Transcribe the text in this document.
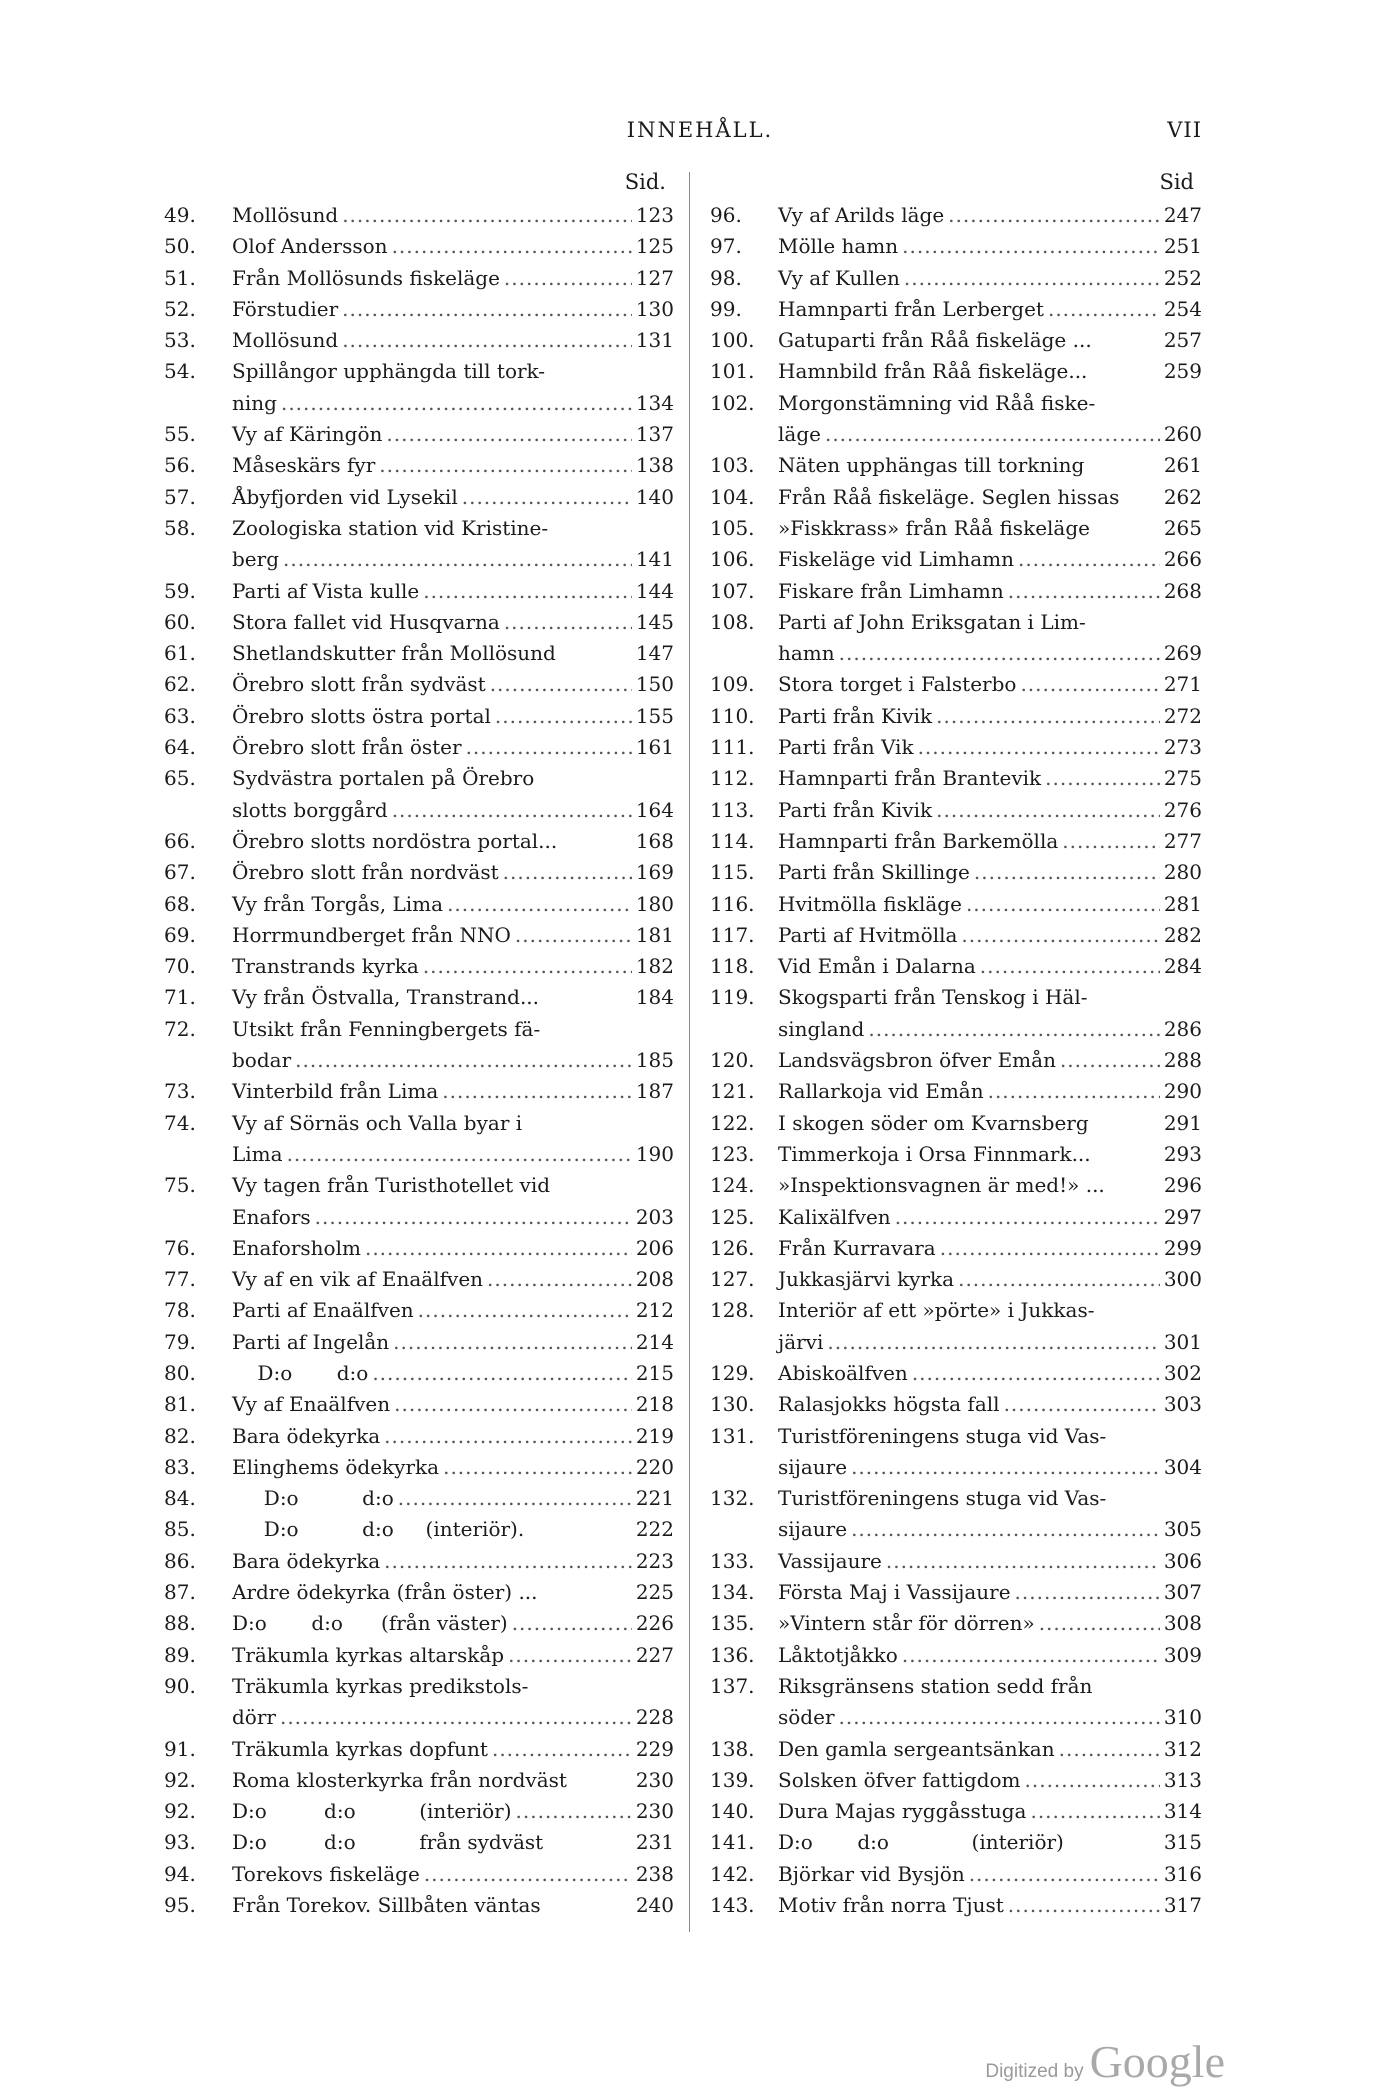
INNEHÅLL.	VII
Sid.
49.	Mollösund .....	123
50.	Olof Andersson .....	125
51.	Från Mollösunds fiskeläge .....	127
52.	Förstudier .....	130
53.	Mollösund .....	131
54.	Spillångor upphängda till tork-
ning .....	134
55.	Vy af Käringön .....	137
56.	Måseskärs fyr .....	138
57.	Åbyfjorden vid Lysekil .....	140
58.	Zoologiska station vid Kristine-
berg .....	141
59.	Parti af Vista kulle .....	144
60.	Stora fallet vid Husqvarna .....	145
61.	Shetlandskutter från Mollösund	147
62.	Örebro slott från sydväst .....	150
63.	Örebro slotts östra portal .....	155
64.	Örebro slott från öster .....	161
65.	Sydvästra portalen på Örebro
slotts borggård .....	164
66.	Örebro slotts nordöstra portal...	168
67.	Örebro slott från nordväst .....	169
68.	Vy från Torgås, Lima .....	180
69.	Horrmundberget från NNO .....	181
70.	Transtrands kyrka .....	182
71.	Vy från Östvalla, Transtrand...	184
72.	Utsikt från Fenningbergets fä-
bodar .....	185
73.	Vinterbild från Lima .....	187
74.	Vy af Sörnäs och Valla byar i
Lima .....	190
75.	Vy tagen från Turisthotellet vid
Enafors .....	203
76.	Enaforsholm .....	206
77.	Vy af en vik af Enaälfven .....	208
78.	Parti af Enaälfven .....	212
79.	Parti af Ingelån .....	214
80.	D:o       d:o .....	215
81.	Vy af Enaälfven .....	218
82.	Bara ödekyrka .....	219
83.	Elinghems ödekyrka .....	220
84.	D:o          d:o .....	221
85.	D:o          d:o     (interiör).	222
86.	Bara ödekyrka .....	223
87.	Ardre ödekyrka (från öster) ...	225
88.	D:o       d:o      (från väster) .....	226
89.	Träkumla kyrkas altarskåp .....	227
90.	Träkumla kyrkas predikstols-
dörr .....	228
91.	Träkumla kyrkas dopfunt .....	229
92.	Roma klosterkyrka från nordväst	230
92.	D:o         d:o          (interiör) .....	230
93.	D:o         d:o          från sydväst	231
94.	Torekovs fiskeläge .....	238
95.	Från Torekov. Sillbåten väntas	240
Sid
96.	Vy af Arilds läge .....	247
97.	Mölle hamn .....	251
98.	Vy af Kullen .....	252
99.	Hamnparti från Lerberget .....	254
100.	Gatuparti från Råå fiskeläge ...	257
101.	Hamnbild från Råå fiskeläge...	259
102.	Morgonstämning vid Råå fiske-
läge .....	260
103.	Näten upphängas till torkning	261
104.	Från Råå fiskeläge. Seglen hissas 262
105.	»Fiskkrass» från Råå fiskeläge	265
106.	Fiskeläge vid Limhamn .....	266
107.	Fiskare från Limhamn .....	268
108.	Parti af John Eriksgatan i Lim-
hamn .....	269
109.	Stora torget i Falsterbo .....	271
110.	Parti från Kivik .....	272
111.	Parti från Vik .....	273
112.	Hamnparti från Brantevik .....	275
113.	Parti från Kivik .....	276
114.	Hamnparti från Barkemölla .....	277
115.	Parti från Skillinge .....	280
116.	Hvitmölla fiskläge .....	281
117.	Parti af Hvitmölla .....	282
118.	Vid Emån i Dalarna .....	284
119.	Skogsparti från Tenskog i Häl-
singland .....	286
120.	Landsvägsbron öfver Emån .....	288
121.	Rallarkoja vid Emån .....	290
122.	I skogen söder om Kvarnsberg	291
123.	Timmerkoja i Orsa Finnmark...	293
124.	»Inspektionsvagnen är med!» ...	296
125.	Kalixälfven .....	297
126.	Från Kurravara .....	299
127.	Jukkasjärvi kyrka .....	300
128.	Interiör af ett »pörte» i Jukkas-
järvi .....	301
129.	Abiskoälfven .....	302
130.	Ralasjokks högsta fall .....	303
131.	Turistföreningens stuga vid Vas-
sijaure .....	304
132.	Turistföreningens stuga vid Vas-
sijaure .....	305
133.	Vassijaure .....	306
134.	Första Maj i Vassijaure .....	307
135.	»Vintern står för dörren» .....	308
136.	Låktotjåkko .....	309
137.	Riksgränsens station sedd från
söder .....	310
138.	Den gamla sergeantsänkan .....	312
139.	Solsken öfver fattigdom .....	313
140.	Dura Majas ryggåsstuga .....	314
141.	D:o       d:o             (interiör)	315
142.	Björkar vid Bysjön .....	316
143.	Motiv från norra Tjust .....	317
Digitized by Google
